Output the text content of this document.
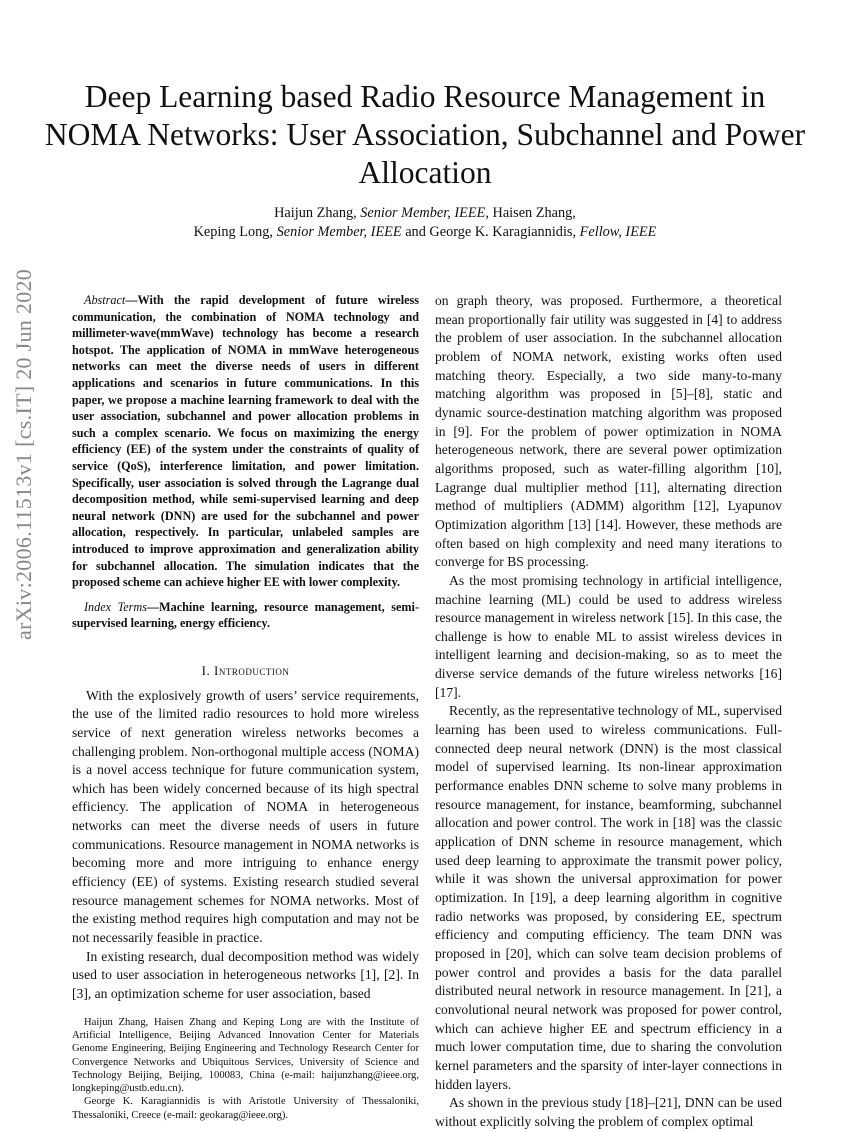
Deep Learning based Radio Resource Management in NOMA Networks: User Association, Subchannel and Power Allocation
Haijun Zhang, Senior Member, IEEE, Haisen Zhang,
Keping Long, Senior Member, IEEE and George K. Karagiannidis, Fellow, IEEE

Abstract—With the rapid development of future wireless communication, the combination of NOMA technology and millimeter-wave(mmWave) technology has become a research hotspot. The application of NOMA in mmWave heterogeneous networks can meet the diverse needs of users in different applications and scenarios in future communications. In this paper, we propose a machine learning framework to deal with the user association, subchannel and power allocation problems in such a complex scenario. We focus on maximizing the energy efficiency (EE) of the system under the constraints of quality of service (QoS), interference limitation, and power limitation. Specifically, user association is solved through the Lagrange dual decomposition method, while semi-supervised learning and deep neural network (DNN) are used for the subchannel and power allocation, respectively. In particular, unlabeled samples are introduced to improve approximation and generalization ability for subchannel allocation. The simulation indicates that the proposed scheme can achieve higher EE with lower complexity.

Index Terms—Machine learning, resource management, semi-supervised learning, energy efficiency.

I. Introduction

With the explosively growth of users’ service requirements, the use of the limited radio resources to hold more wireless service of next generation wireless networks becomes a challenging problem. Non-orthogonal multiple access (NOMA) is a novel access technique for future communication system, which has been widely concerned because of its high spectral efficiency. The application of NOMA in heterogeneous networks can meet the diverse needs of users in future communications. Resource management in NOMA networks is becoming more and more intriguing to enhance energy efficiency (EE) of systems. Existing research studied several resource management schemes for NOMA networks. Most of the existing method requires high computation and may not be not necessarily feasible in practice.

In existing research, dual decomposition method was widely used to user association in heterogeneous networks [1], [2]. In [3], an optimization scheme for user association, based

Haijun Zhang, Haisen Zhang and Keping Long are with the Institute of Artificial Intelligence, Beijing Advanced Innovation Center for Materials Genome Engineering, Beijing Engineering and Technology Research Center for Convergence Networks and Ubiquitous Services, University of Science and Technology Beijing, Beijing, 100083, China (e-mail: haijunzhang@ieee.org, longkeping@ustb.edu.cn).

George K. Karagiannidis is with Aristotle University of Thessaloniki, Thessaloniki, Creece (e-mail: geokarag@ieee.org).

on graph theory, was proposed. Furthermore, a theoretical mean proportionally fair utility was suggested in [4] to address the problem of user association. In the subchannel allocation problem of NOMA network, existing works often used matching theory. Especially, a two side many-to-many matching algorithm was proposed in [5]–[8], static and dynamic source-destination matching algorithm was proposed in [9]. For the problem of power optimization in NOMA heterogeneous network, there are several power optimization algorithms proposed, such as water-filling algorithm [10], Lagrange dual multiplier method [11], alternating direction method of multipliers (ADMM) algorithm [12], Lyapunov Optimization algorithm [13] [14]. However, these methods are often based on high complexity and need many iterations to converge for BS processing.

As the most promising technology in artificial intelligence, machine learning (ML) could be used to address wireless resource management in wireless network [15]. In this case, the challenge is how to enable ML to assist wireless devices in intelligent learning and decision-making, so as to meet the diverse service demands of the future wireless networks [16] [17].

Recently, as the representative technology of ML, supervised learning has been used to wireless communications. Full-connected deep neural network (DNN) is the most classical model of supervised learning. Its non-linear approximation performance enables DNN scheme to solve many problems in resource management, for instance, beamforming, subchannel allocation and power control. The work in [18] was the classic application of DNN scheme in resource management, which used deep learning to approximate the transmit power policy, while it was shown the universal approximation for power optimization. In [19], a deep learning algorithm in cognitive radio networks was proposed, by considering EE, spectrum efficiency and computing efficiency. The team DNN was proposed in [20], which can solve team decision problems of power control and provides a basis for the data parallel distributed neural network in resource management. In [21], a convolutional neural network was proposed for power control, which can achieve higher EE and spectrum efficiency in a much lower computation time, due to sharing the convolution kernel parameters and the sparsity of inter-layer connections in hidden layers.

As shown in the previous study [18]–[21], DNN can be used without explicitly solving the problem of complex optimal

arXiv:2006.11513v1 [cs.IT] 20 Jun 2020
